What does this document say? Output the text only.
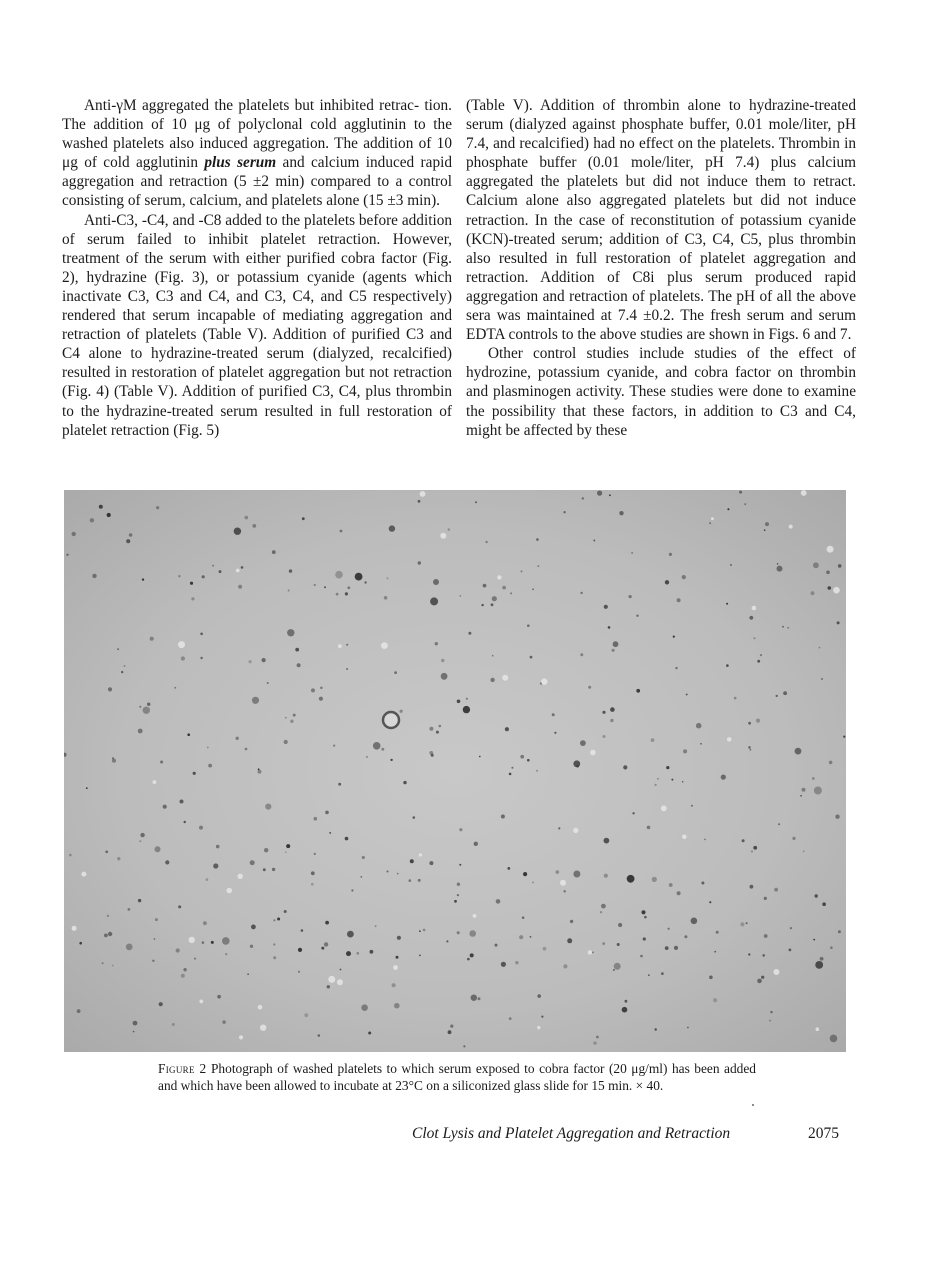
Anti-γM aggregated the platelets but inhibited retrac- tion. The addition of 10 μg of polyclonal cold agglutinin to the washed platelets also induced aggregation. The addition of 10 μg of cold agglutinin plus serum and calcium induced rapid aggregation and retraction (5 ±2 min) compared to a control consisting of serum, calcium, and platelets alone (15 ±3 min).

Anti-C3, -C4, and -C8 added to the platelets before addition of serum failed to inhibit platelet retraction. However, treatment of the serum with either purified cobra factor (Fig. 2), hydrazine (Fig. 3), or potassium cyanide (agents which inactivate C3, C3 and C4, and C3, C4, and C5 respectively) rendered that serum incapable of mediating aggregation and retraction of platelets (Table V). Addition of purified C3 and C4 alone to hydrazine-treated serum (dialyzed, recalcified) resulted in restoration of platelet aggregation but not retraction (Fig. 4) (Table V). Addition of purified C3, C4, plus thrombin to the hydrazine-treated serum resulted in full restoration of platelet retraction (Fig. 5)

(Table V). Addition of thrombin alone to hydrazine-treated serum (dialyzed against phosphate buffer, 0.01 mole/liter, pH 7.4, and recalcified) had no effect on the platelets. Thrombin in phosphate buffer (0.01 mole/liter, pH 7.4) plus calcium aggregated the platelets but did not induce them to retract. Calcium alone also aggregated platelets but did not induce retraction. In the case of reconstitution of potassium cyanide (KCN)-treated serum; addition of C3, C4, C5, plus thrombin also resulted in full restoration of platelet aggregation and retraction. Addition of C8i plus serum produced rapid aggregation and retraction of platelets. The pH of all the above sera was maintained at 7.4 ±0.2. The fresh serum and serum EDTA controls to the above studies are shown in Figs. 6 and 7.

Other control studies include studies of the effect of hydrozine, potassium cyanide, and cobra factor on thrombin and plasminogen activity. These studies were done to examine the possibility that these factors, in addition to C3 and C4, might be affected by these

Figure 2 Photograph of washed platelets to which serum exposed to cobra factor (20 μg/ml) has been added and which have been allowed to incubate at 23°C on a siliconized glass slide for 15 min. × 40.
Clot Lysis and Platelet Aggregation and Retraction	2075
